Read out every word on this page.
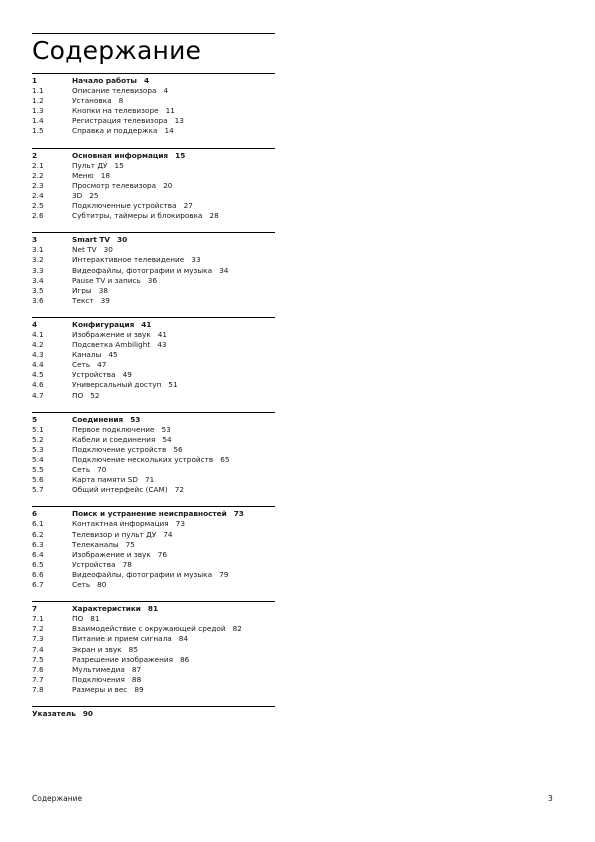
Содержание
1	Начало работы 4
1.1	Описание телевизора 4
1.2	Установка 8
1.3	Кнопки на телевизоре 11
1.4	Регистрация телевизора 13
1.5	Справка и поддержка 14
2	Основная информация 15
2.1	Пульт ДУ 15
2.2	Меню 18
2.3	Просмотр телевизора 20
2.4	3D 25
2.5	Подключенные устройства 27
2.6	Субтитры, таймеры и блокировка 28
3	Smart TV 30
3.1	Net TV 30
3.2	Интерактивное телевидение 33
3.3	Видеофайлы, фотографии и музыка 34
3.4	Pause TV и запись 36
3.5	Игры 38
3.6	Текст 39
4	Конфигурация 41
4.1	Изображение и звук 41
4.2	Подсветка Ambilight 43
4.3	Каналы 45
4.4	Сеть 47
4.5	Устройства 49
4.6	Универсальный доступ 51
4.7	ПО 52
5	Соединения 53
5.1	Первое подключение 53
5.2	Кабели и соединения 54
5.3	Подключение устройств 56
5.4	Подключение нескольких устройств 65
5.5	Сеть 70
5.6	Карта памяти SD 71
5.7	Общий интерфейс (CAM) 72
6	Поиск и устранение неисправностей 73
6.1	Контактная информация 73
6.2	Телевизор и пульт ДУ 74
6.3	Телеканалы 75
6.4	Изображение и звук 76
6.5	Устройства 78
6.6	Видеофайлы, фотографии и музыка 79
6.7	Сеть 80
7	Характеристики 81
7.1	ПО 81
7.2	Взаимодействие с окружающей средой 82
7.3	Питание и прием сигнала 84
7.4	Экран и звук 85
7.5	Разрешение изображения 86
7.6	Мультимедиа 87
7.7	Подключения 88
7.8	Размеры и вес 89
Указатель 90
Содержание	3
